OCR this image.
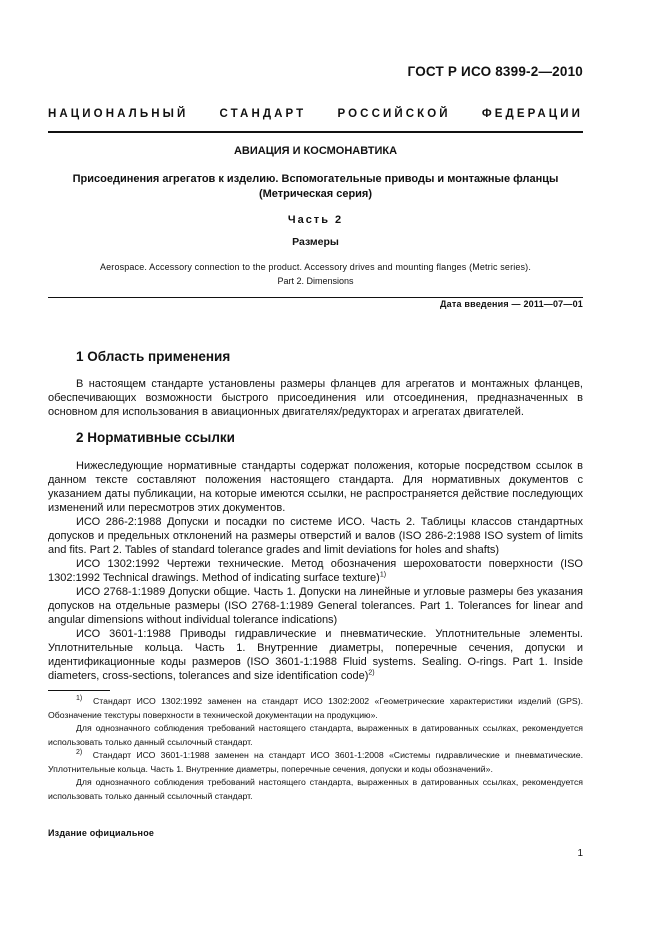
ГОСТ Р ИСО 8399-2—2010
НАЦИОНАЛЬНЫЙ СТАНДАРТ РОССИЙСКОЙ ФЕДЕРАЦИИ
АВИАЦИЯ И КОСМОНАВТИКА
Присоединения агрегатов к изделию. Вспомогательные приводы и монтажные фланцы
(Метрическая серия)
Часть 2
Размеры
Aerospace. Accessory connection to the product. Accessory drives and mounting flanges (Metric series).
Part 2. Dimensions
Дата введения — 2011—07—01
1 Область применения

В настоящем стандарте установлены размеры фланцев для агрегатов и монтажных фланцев, обеспечивающих возможности быстрого присоединения или отсоединения, предназначенных в основном для использования в авиационных двигателях/редукторах и агрегатах двигателей.

2 Нормативные ссылки

Нижеследующие нормативные стандарты содержат положения, которые посредством ссылок в данном тексте составляют положения настоящего стандарта. Для нормативных документов с указанием даты публикации, на которые имеются ссылки, не распространяется действие последующих изменений или пересмотров этих документов.

ИСО 286-2:1988 Допуски и посадки по системе ИСО. Часть 2. Таблицы классов стандартных допусков и предельных отклонений на размеры отверстий и валов (ISO 286-2:1988 ISO system of limits and fits. Part 2. Tables of standard tolerance grades and limit deviations for holes and shafts)

ИСО 1302:1992 Чертежи технические. Метод обозначения шероховатости поверхности (ISO 1302:1992 Technical drawings. Method of indicating surface texture)$^{1)}$

ИСО 2768-1:1989 Допуски общие. Часть 1. Допуски на линейные и угловые размеры без указания допусков на отдельные размеры (ISO 2768-1:1989 General tolerances. Part 1. Tolerances for linear and angular dimensions without individual tolerance indications)

ИСО 3601-1:1988 Приводы гидравлические и пневматические. Уплотнительные элементы. Уплотнительные кольца. Часть 1. Внутренние диаметры, поперечные сечения, допуски и идентификационные коды размеров (ISO 3601-1:1988 Fluid systems. Sealing. O-rings. Part 1. Inside diameters, cross-sections, tolerances and size identification code)$^{2)}$

$^{1)}$ Стандарт ИСО 1302:1992 заменен на стандарт ИСО 1302:2002 «Геометрические характеристики изделий (GPS). Обозначение текстуры поверхности в технической документации на продукцию».

Для однозначного соблюдения требований настоящего стандарта, выраженных в датированных ссылках, рекомендуется использовать только данный ссылочный стандарт.

$^{2)}$ Стандарт ИСО 3601-1:1988 заменен на стандарт ИСО 3601-1:2008 «Системы гидравлические и пневматические. Уплотнительные кольца. Часть 1. Внутренние диаметры, поперечные сечения, допуски и коды обозначений».

Для однозначного соблюдения требований настоящего стандарта, выраженных в датированных ссылках, рекомендуется использовать только данный ссылочный стандарт.

Издание официальное
1
